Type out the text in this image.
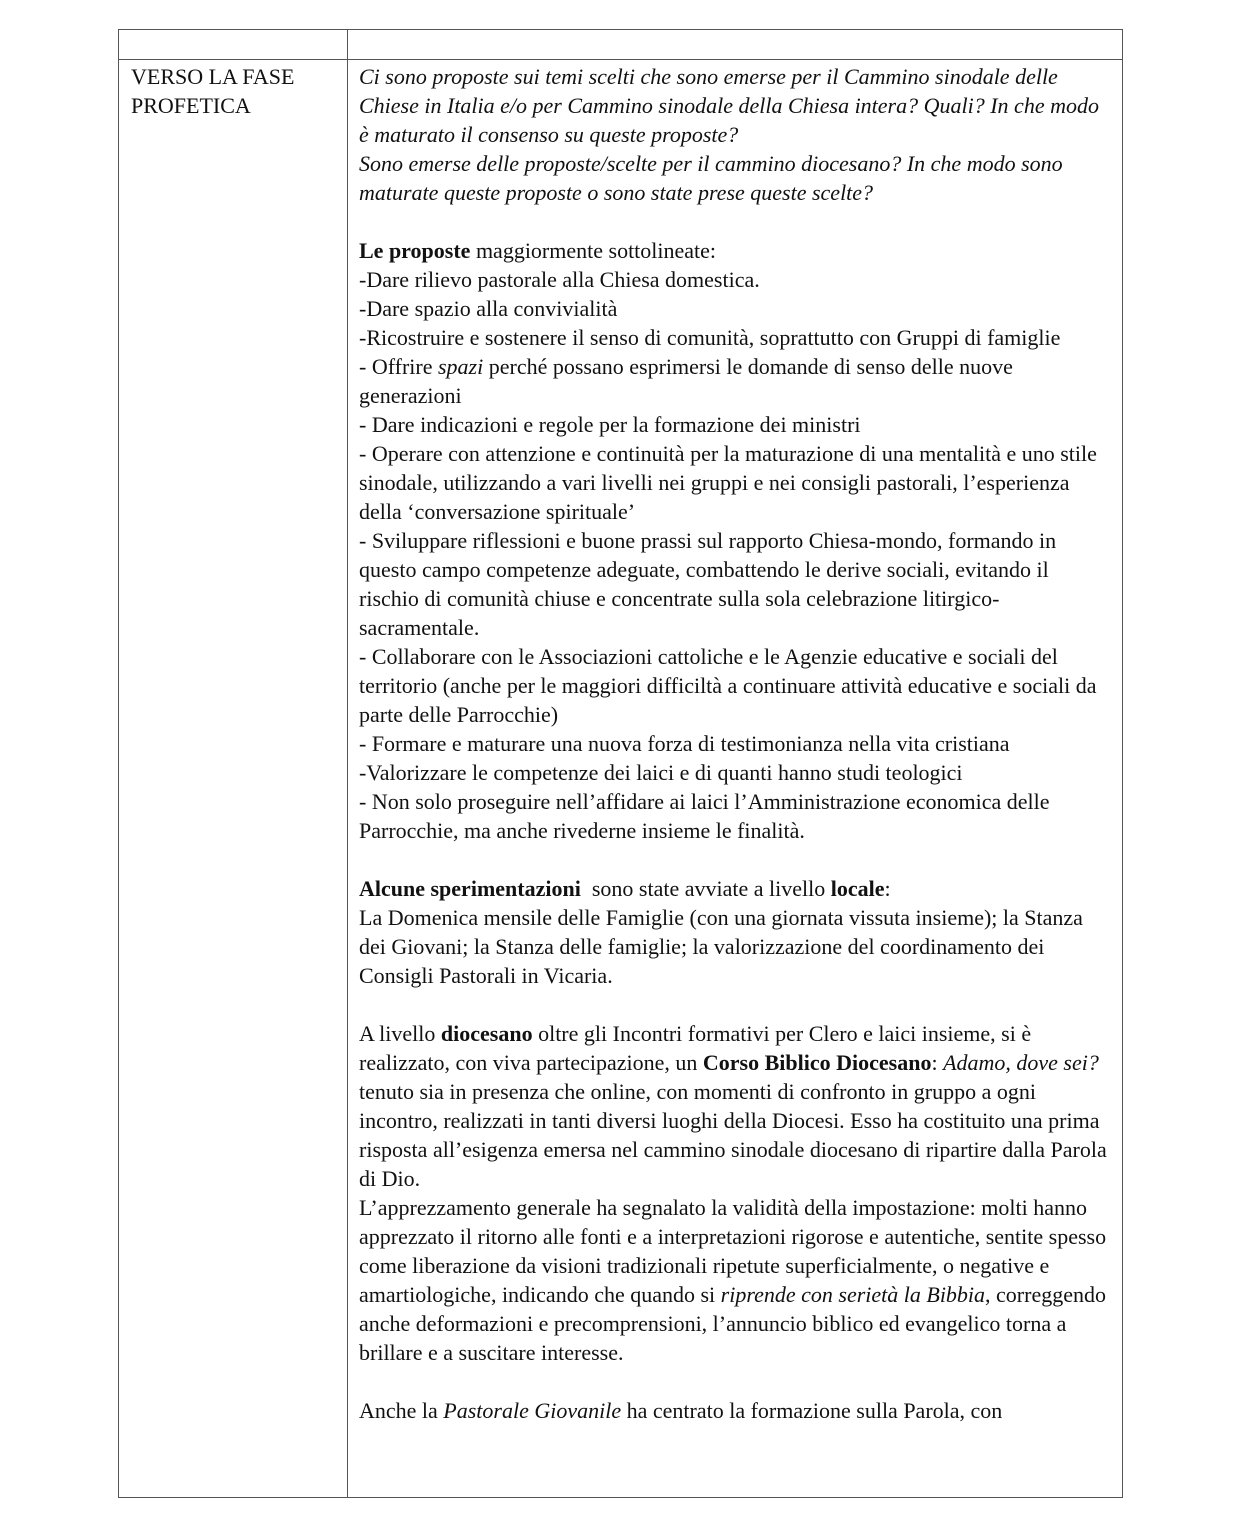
VERSO LA FASE
PROFETICA

Ci sono proposte sui temi scelti che sono emerse per il Cammino sinodale delle Chiese in Italia e/o per Cammino sinodale della Chiesa intera? Quali? In che modo è maturato il consenso su queste proposte?

Sono emerse delle proposte/scelte per il cammino diocesano? In che modo sono maturate queste proposte o sono state prese queste scelte?

Le proposte maggiormente sottolineate:

-Dare rilievo pastorale alla Chiesa domestica.

-Dare spazio alla convivialità

-Ricostruire e sostenere il senso di comunità, soprattutto con Gruppi di famiglie

- Offrire spazi perché possano esprimersi le domande di senso delle nuove generazioni

- Dare indicazioni e regole per la formazione dei ministri

- Operare con attenzione e continuità per la maturazione di una mentalità e uno stile sinodale, utilizzando a vari livelli nei gruppi e nei consigli pastorali, l’esperienza della ‘conversazione spirituale’

- Sviluppare riflessioni e buone prassi sul rapporto Chiesa-mondo, formando in questo campo competenze adeguate, combattendo le derive sociali, evitando il rischio di comunità chiuse e concentrate sulla sola celebrazione litirgico-sacramentale.

- Collaborare con le Associazioni cattoliche e le Agenzie educative e sociali del territorio (anche per le maggiori difficiltà a continuare attività educative e sociali da parte delle Parrocchie)

- Formare e maturare una nuova forza di testimonianza nella vita cristiana

-Valorizzare le competenze dei laici e di quanti hanno studi teologici

- Non solo proseguire nell’affidare ai laici l’Amministrazione economica delle Parrocchie, ma anche rivederne insieme le finalità.

Alcune sperimentazioni  sono state avviate a livello locale:

La Domenica mensile delle Famiglie (con una giornata vissuta insieme); la Stanza dei Giovani; la Stanza delle famiglie; la valorizzazione del coordinamento dei Consigli Pastorali in Vicaria.

A livello diocesano oltre gli Incontri formativi per Clero e laici insieme, si è realizzato, con viva partecipazione, un Corso Biblico Diocesano: Adamo, dove sei? tenuto sia in presenza che online, con momenti di confronto in gruppo a ogni incontro, realizzati in tanti diversi luoghi della Diocesi. Esso ha costituito una prima risposta all’esigenza emersa nel cammino sinodale diocesano di ripartire dalla Parola di Dio.

L’apprezzamento generale ha segnalato la validità della impostazione: molti hanno apprezzato il ritorno alle fonti e a interpretazioni rigorose e autentiche, sentite spesso come liberazione da visioni tradizionali ripetute superficialmente, o negative e amartiologiche, indicando che quando si riprende con serietà la Bibbia, correggendo anche deformazioni e precomprensioni, l’annuncio biblico ed evangelico torna a brillare e a suscitare interesse.

Anche la Pastorale Giovanile ha centrato la formazione sulla Parola, con
